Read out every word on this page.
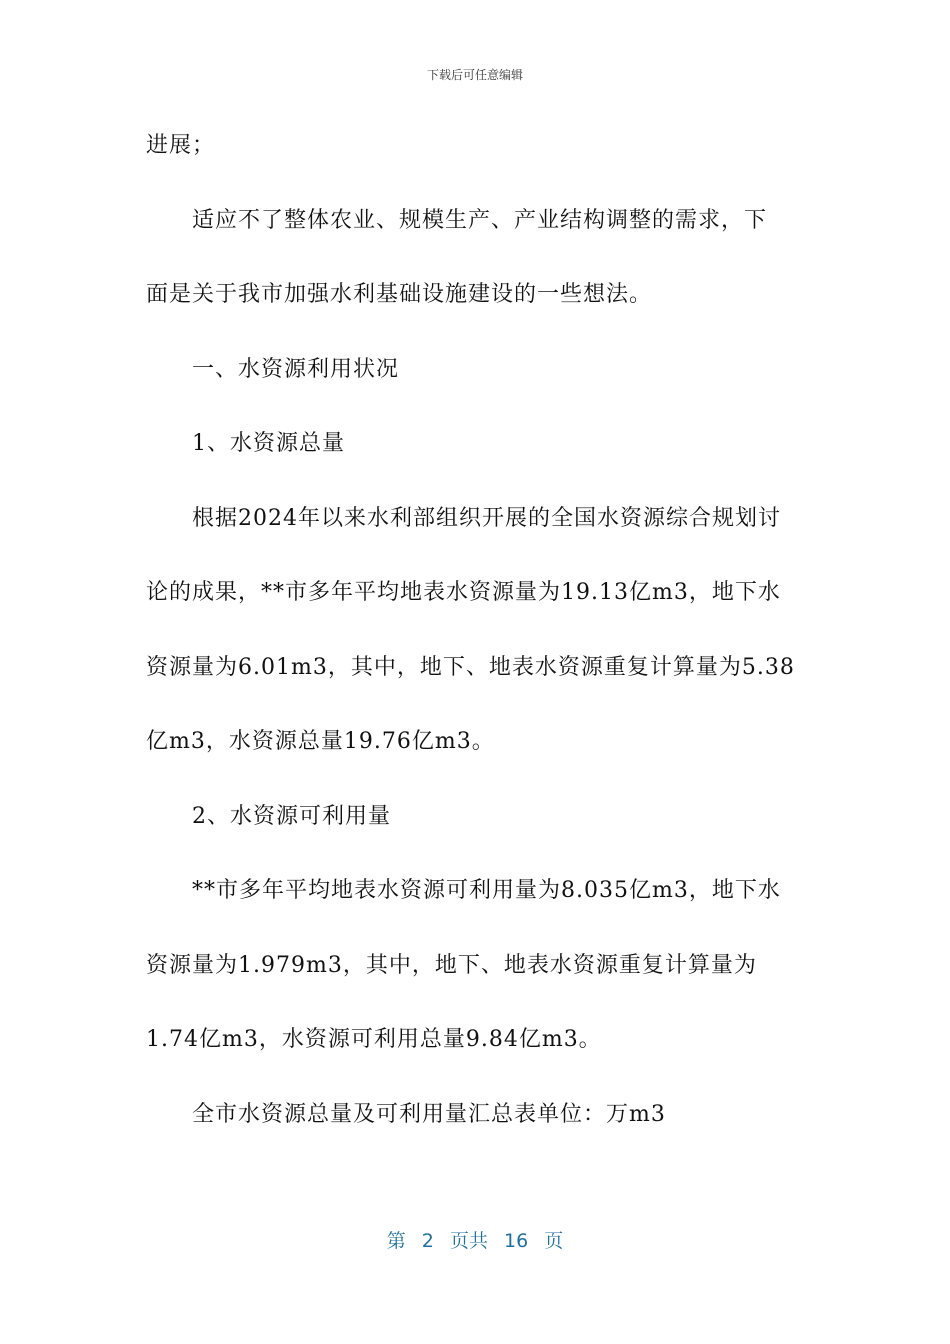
下载后可任意编辑
进展；
适应不了整体农业、规模生产、产业结构调整的需求，下
面是关于我市加强水利基础设施建设的一些想法。
一、水资源利用状况
1、水资源总量
根据2024年以来水利部组织开展的全国水资源综合规划讨
论的成果，**市多年平均地表水资源量为19.13亿m3，地下水
资源量为6.01m3，其中，地下、地表水资源重复计算量为5.38
亿m3，水资源总量19.76亿m3。
2、水资源可利用量
**市多年平均地表水资源可利用量为8.035亿m3，地下水
资源量为1.979m3，其中，地下、地表水资源重复计算量为
1.74亿m3，水资源可利用总量9.84亿m3。
全市水资源总量及可利用量汇总表单位：万m3
第 2 页共 16 页
